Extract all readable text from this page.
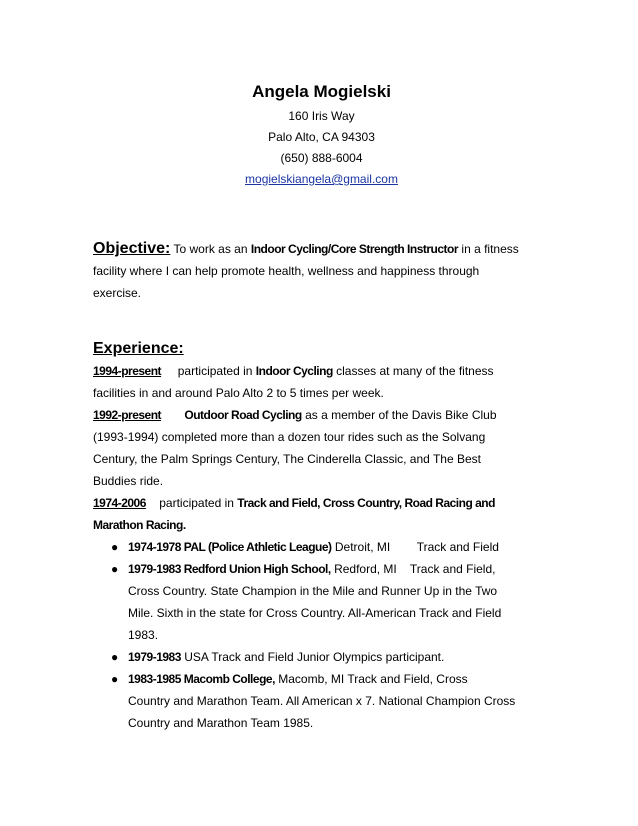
Angela Mogielski
160 Iris Way
Palo Alto, CA 94303
(650) 888-6004
mogielskiangela@gmail.com
Objective: To work as an Indoor Cycling/Core Strength Instructor in a fitness
facility where I can help promote health, wellness and happiness through
exercise.
Experience:
1994-present participated in Indoor Cycling classes at many of the fitness
facilities in and around Palo Alto 2 to 5 times per week.
1992-present Outdoor Road Cycling as a member of the Davis Bike Club
(1993-1994) completed more than a dozen tour rides such as the Solvang
Century, the Palm Springs Century, The Cinderella Classic, and The Best
Buddies ride.
1974-2006 participated in Track and Field, Cross Country, Road Racing and
Marathon Racing.
● 1974-1978 PAL (Police Athletic League) Detroit, MI Track and Field
● 1979-1983 Redford Union High School, Redford, MI Track and Field,
Cross Country. State Champion in the Mile and Runner Up in the Two
Mile. Sixth in the state for Cross Country. All-American Track and Field
1983.
● 1979-1983 USA Track and Field Junior Olympics participant.
● 1983-1985 Macomb College, Macomb, MI Track and Field, Cross
Country and Marathon Team. All American x 7. National Champion Cross
Country and Marathon Team 1985.
